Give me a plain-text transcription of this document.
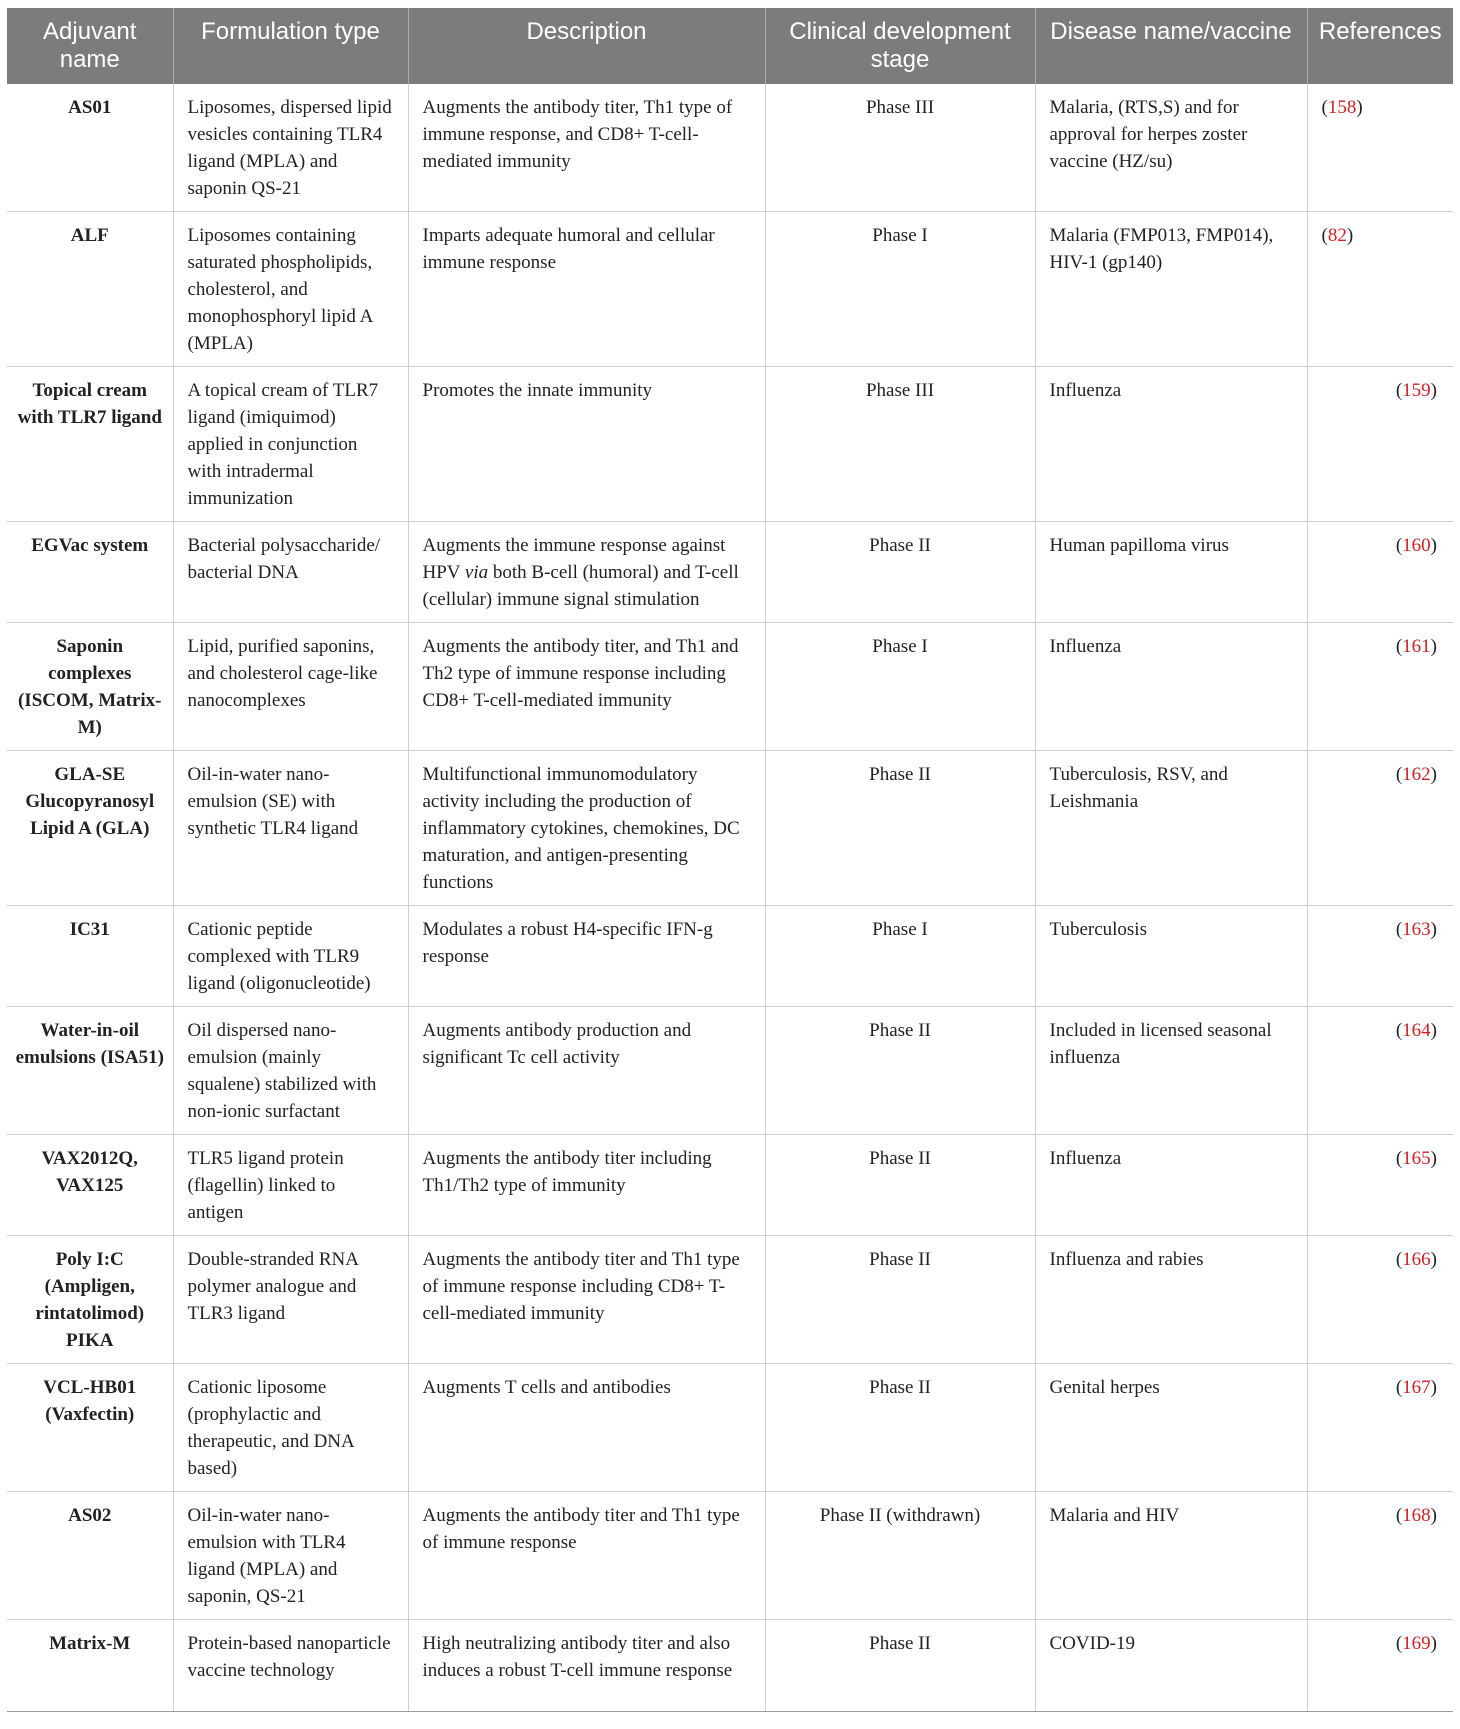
Adjuvant name	Formulation type	Description	Clinical development stage	Disease name/vaccine	References
AS01	Liposomes, dispersed lipid vesicles containing TLR4 ligand (MPLA) and saponin QS-21	Augments the antibody titer, Th1 type of immune response, and CD8+ T-cell-mediated immunity	Phase III	Malaria, (RTS,S) and for approval for herpes zoster vaccine (HZ/su)	(158)
ALF	Liposomes containing saturated phospholipids, cholesterol, and monophosphoryl lipid A (MPLA)	Imparts adequate humoral and cellular immune response	Phase I	Malaria (FMP013, FMP014), HIV-1 (gp140)	(82)
Topical cream with TLR7 ligand	A topical cream of TLR7 ligand (imiquimod) applied in conjunction with intradermal immunization	Promotes the innate immunity	Phase III	Influenza	(159)
EGVac system	Bacterial polysaccharide/ bacterial DNA	Augments the immune response against HPV via both B-cell (humoral) and T-cell (cellular) immune signal stimulation	Phase II	Human papilloma virus	(160)
Saponin complexes (ISCOM, Matrix-M)	Lipid, purified saponins, and cholesterol cage-like nanocomplexes	Augments the antibody titer, and Th1 and Th2 type of immune response including CD8+ T-cell-mediated immunity	Phase I	Influenza	(161)
GLA-SE Glucopyranosyl Lipid A (GLA)	Oil-in-water nano-emulsion (SE) with synthetic TLR4 ligand	Multifunctional immunomodulatory activity including the production of inflammatory cytokines, chemokines, DC maturation, and antigen-presenting functions	Phase II	Tuberculosis, RSV, and Leishmania	(162)
IC31	Cationic peptide complexed with TLR9 ligand (oligonucleotide)	Modulates a robust H4-specific IFN-g response	Phase I	Tuberculosis	(163)
Water-in-oil emulsions (ISA51)	Oil dispersed nano-emulsion (mainly squalene) stabilized with non-ionic surfactant	Augments antibody production and significant Tc cell activity	Phase II	Included in licensed seasonal influenza	(164)
VAX2012Q, VAX125	TLR5 ligand protein (flagellin) linked to antigen	Augments the antibody titer including Th1/Th2 type of immunity	Phase II	Influenza	(165)
Poly I:C (Ampligen, rintatolimod) PIKA	Double-stranded RNA polymer analogue and TLR3 ligand	Augments the antibody titer and Th1 type of immune response including CD8+ T-cell-mediated immunity	Phase II	Influenza and rabies	(166)
VCL-HB01 (Vaxfectin)	Cationic liposome (prophylactic and therapeutic, and DNA based)	Augments T cells and antibodies	Phase II	Genital herpes	(167)
AS02	Oil-in-water nano-emulsion with TLR4 ligand (MPLA) and saponin, QS-21	Augments the antibody titer and Th1 type of immune response	Phase II (withdrawn)	Malaria and HIV	(168)
Matrix-M	Protein-based nanoparticle vaccine technology	High neutralizing antibody titer and also induces a robust T-cell immune response	Phase II	COVID-19	(169)
